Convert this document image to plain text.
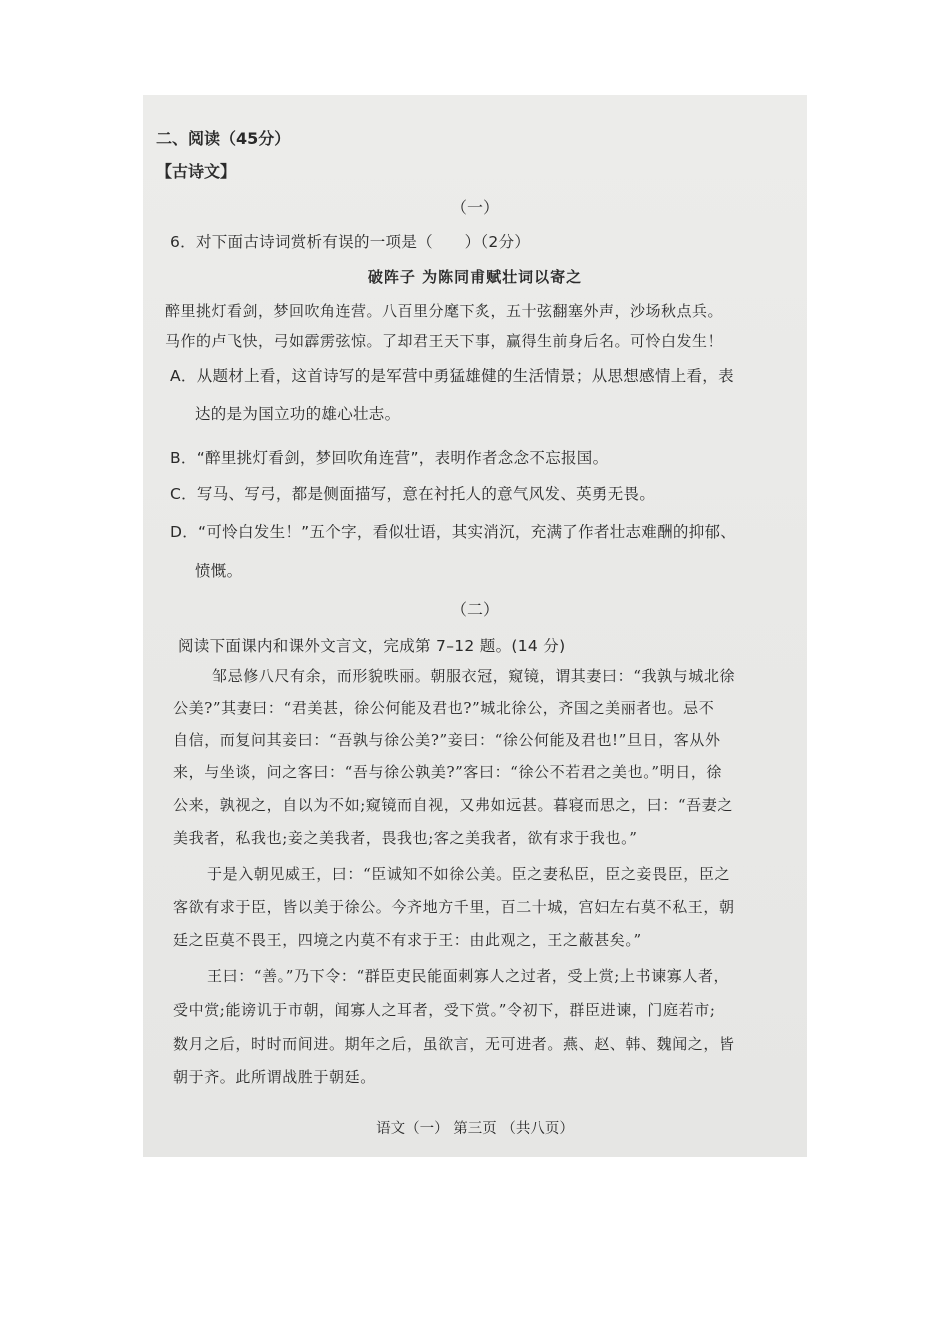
二、阅读（45分）
【古诗文】
（一）
6．对下面古诗词赏析有误的一项是（　　）（2分）
破阵子 为陈同甫赋壮词以寄之
醉里挑灯看剑，梦回吹角连营。八百里分麾下炙，五十弦翻塞外声，沙场秋点兵。
马作的卢飞快，弓如霹雳弦惊。了却君王天下事，赢得生前身后名。可怜白发生！
A．从题材上看，这首诗写的是军营中勇猛雄健的生活情景；从思想感情上看，表
达的是为国立功的雄心壮志。
B．“醉里挑灯看剑，梦回吹角连营”，表明作者念念不忘报国。
C．写马、写弓，都是侧面描写，意在衬托人的意气风发、英勇无畏。
D．“可怜白发生！”五个字，看似壮语，其实消沉，充满了作者壮志难酬的抑郁、
愤慨。
（二）
阅读下面课内和课外文言文，完成第 7–12 题。(14 分)
邹忌修八尺有余，而形貌昳丽。朝服衣冠，窥镜，谓其妻曰：“我孰与城北徐
公美?”其妻曰：“君美甚，徐公何能及君也?”城北徐公，齐国之美丽者也。忌不
自信，而复问其妾曰：“吾孰与徐公美?”妾曰：“徐公何能及君也!”旦日，客从外
来，与坐谈，问之客曰：“吾与徐公孰美?”客曰：“徐公不若君之美也。”明日，徐
公来，孰视之，自以为不如;窥镜而自视，又弗如远甚。暮寝而思之，曰：“吾妻之
美我者，私我也;妾之美我者，畏我也;客之美我者，欲有求于我也。”
于是入朝见威王，曰：“臣诚知不如徐公美。臣之妻私臣，臣之妾畏臣，臣之
客欲有求于臣，皆以美于徐公。今齐地方千里，百二十城，宫妇左右莫不私王，朝
廷之臣莫不畏王，四境之内莫不有求于王：由此观之，王之蔽甚矣。”
王曰：“善。”乃下令：“群臣吏民能面刺寡人之过者，受上赏;上书谏寡人者，
受中赏;能谤讥于市朝，闻寡人之耳者，受下赏。”令初下，群臣进谏，门庭若市;
数月之后，时时而间进。期年之后，虽欲言，无可进者。燕、赵、韩、魏闻之，皆
朝于齐。此所谓战胜于朝廷。
语文（一） 第三页 （共八页）
